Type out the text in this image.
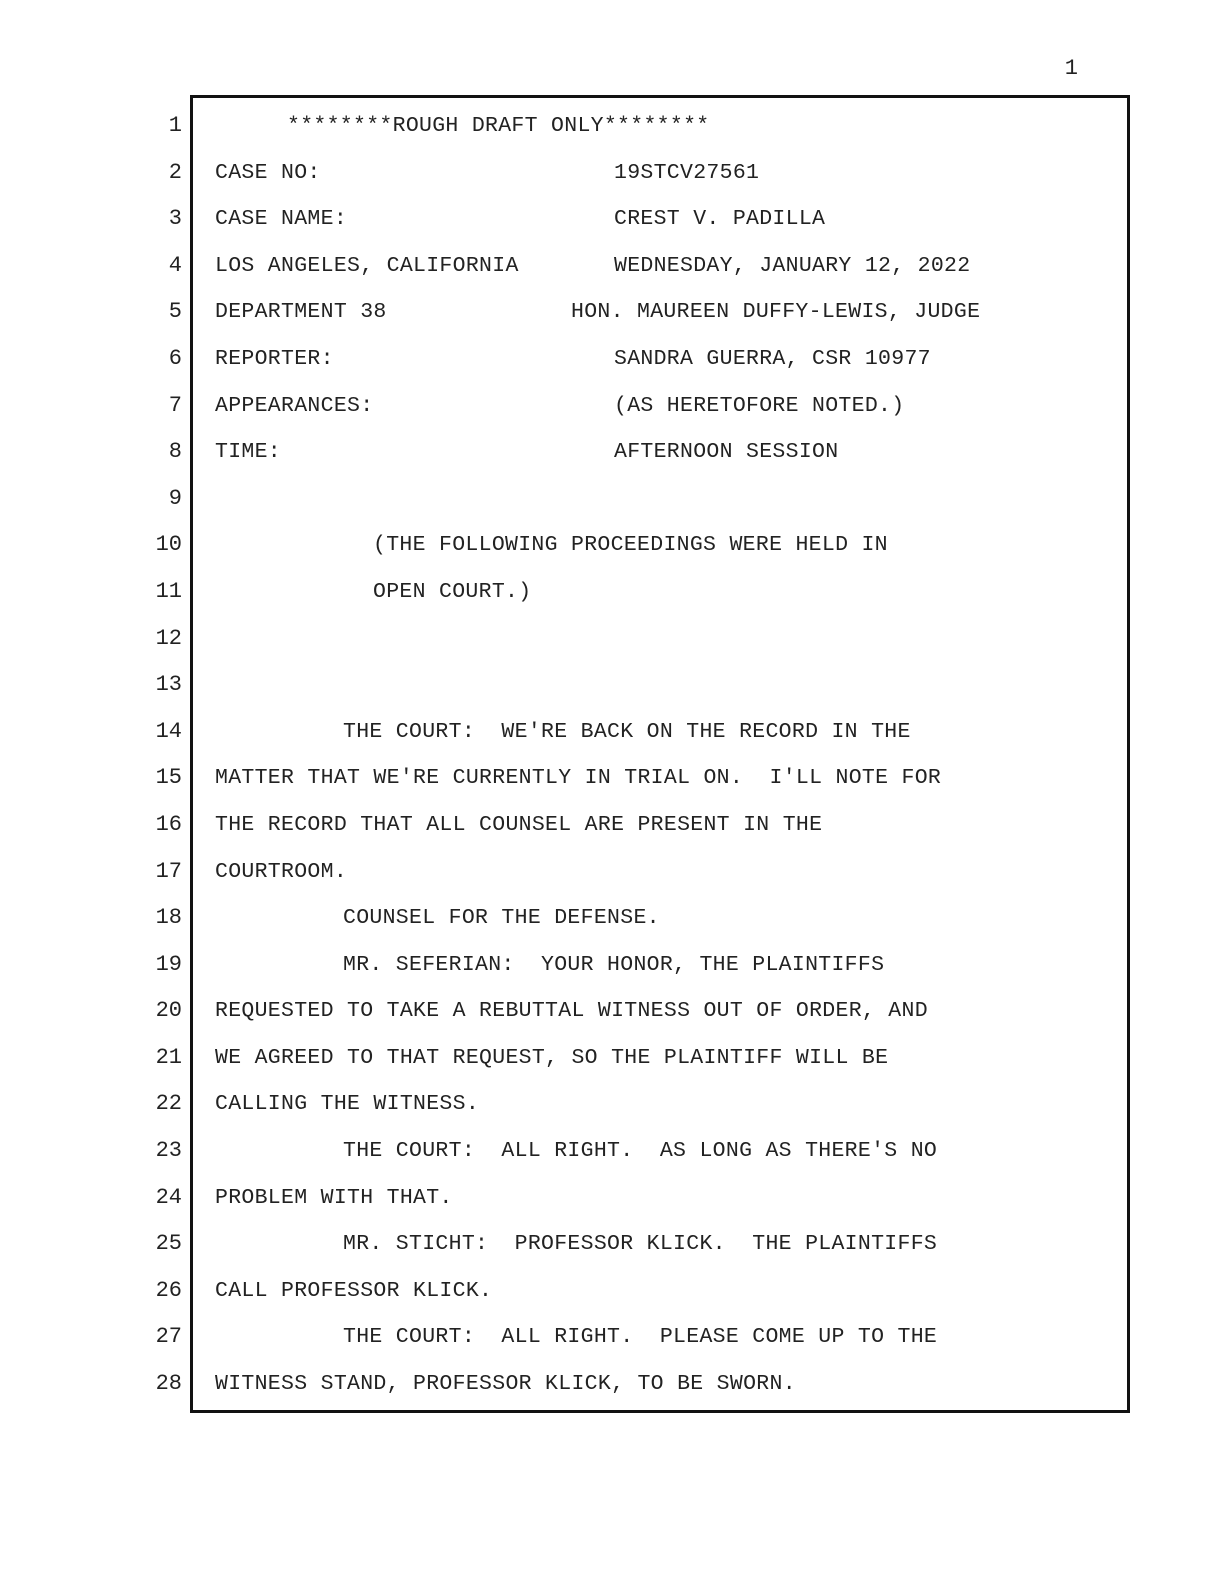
1
1
2
3
4
5
6
7
8
9
10
11
12
13
14
15
16
17
18
19
20
21
22
23
24
25
26
27
28

********ROUGH DRAFT ONLY********

CASE NO:

	19STCV27561

CASE NAME:

	CREST V. PADILLA

LOS ANGELES, CALIFORNIA

	WEDNESDAY, JANUARY 12, 2022

DEPARTMENT 38

	HON. MAUREEN DUFFY-LEWIS, JUDGE

REPORTER:

	SANDRA GUERRA, CSR 10977

APPEARANCES:

	(AS HERETOFORE NOTED.)

TIME:

	AFTERNOON SESSION

(THE FOLLOWING PROCEEDINGS WERE HELD IN

OPEN COURT.)

THE COURT:  WE'RE BACK ON THE RECORD IN THE

MATTER THAT WE'RE CURRENTLY IN TRIAL ON.  I'LL NOTE FOR

THE RECORD THAT ALL COUNSEL ARE PRESENT IN THE

COURTROOM.

COUNSEL FOR THE DEFENSE.

MR. SEFERIAN:  YOUR HONOR, THE PLAINTIFFS

REQUESTED TO TAKE A REBUTTAL WITNESS OUT OF ORDER, AND

WE AGREED TO THAT REQUEST, SO THE PLAINTIFF WILL BE

CALLING THE WITNESS.

THE COURT:  ALL RIGHT.  AS LONG AS THERE'S NO

PROBLEM WITH THAT.

MR. STICHT:  PROFESSOR KLICK.  THE PLAINTIFFS

CALL PROFESSOR KLICK.

THE COURT:  ALL RIGHT.  PLEASE COME UP TO THE

WITNESS STAND, PROFESSOR KLICK, TO BE SWORN.
